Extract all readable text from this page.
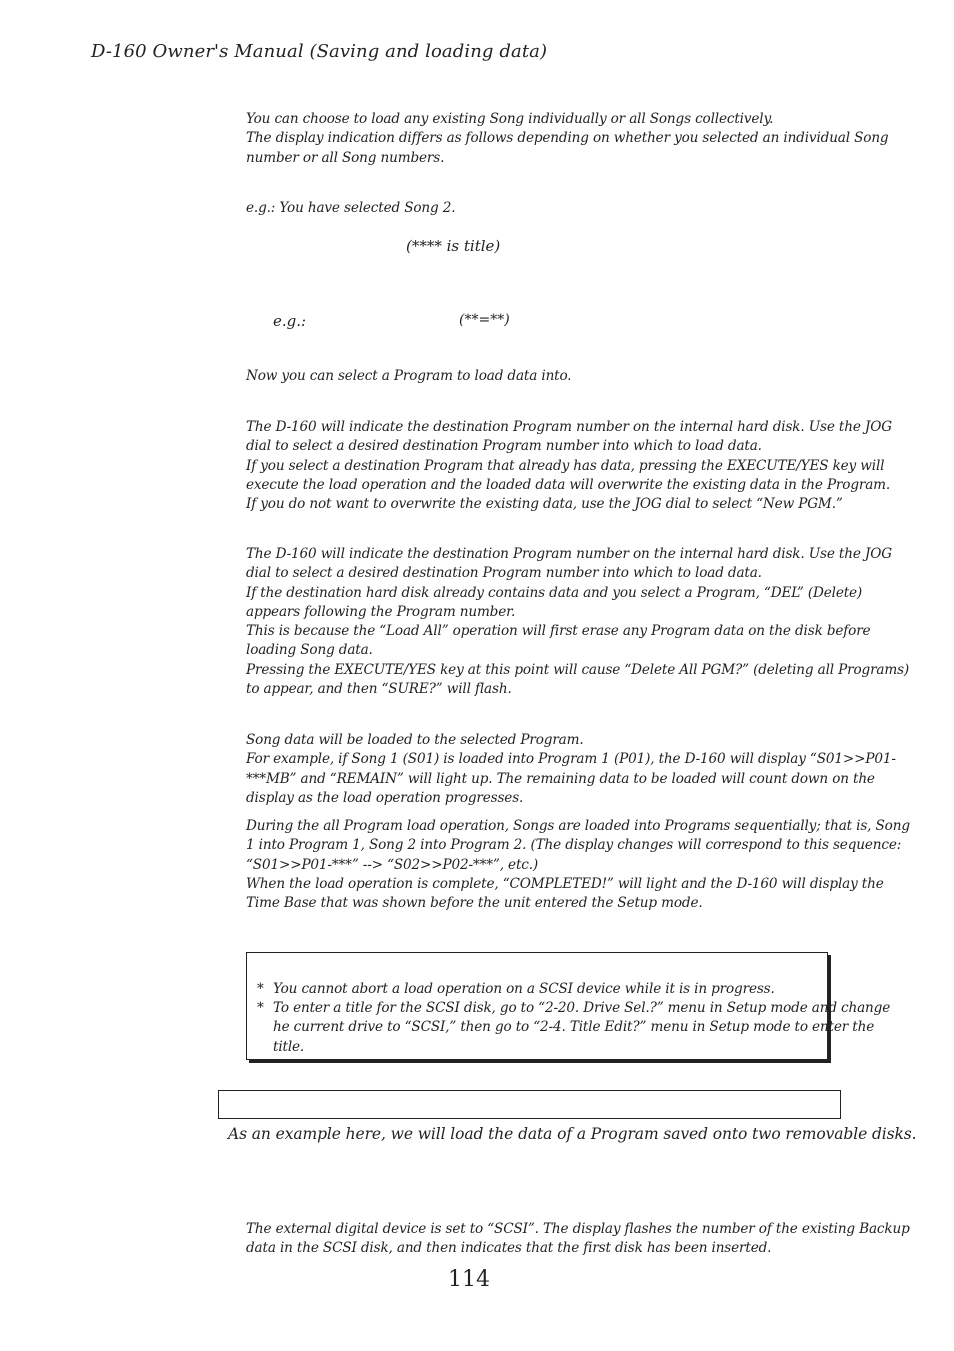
D-160 Owner's Manual (Saving and loading data)
You can choose to load any existing Song individually or all Songs collectively.
The display indication differs as follows depending on whether you selected an individual Song
number or all Song numbers.
e.g.: You have selected Song 2.
(**** is title)
e.g.:	(**=**)
Now you can select a Program to load data into.
The D-160 will indicate the destination Program number on the internal hard disk. Use the JOG
dial to select a desired destination Program number into which to load data.
If you select a destination Program that already has data, pressing the EXECUTE/YES key will
execute the load operation and the loaded data will overwrite the existing data in the Program.
If you do not want to overwrite the existing data, use the JOG dial to select “New PGM.”
The D-160 will indicate the destination Program number on the internal hard disk. Use the JOG
dial to select a desired destination Program number into which to load data.
If the destination hard disk already contains data and you select a Program, “DEL” (Delete)
appears following the Program number.
This is because the “Load All” operation will first erase any Program data on the disk before
loading Song data.
Pressing the EXECUTE/YES key at this point will cause “Delete All PGM?” (deleting all Programs)
to appear, and then “SURE?” will flash.
Song data will be loaded to the selected Program.
For example, if Song 1 (S01) is loaded into Program 1 (P01), the D-160 will display “S01>>P01-
***MB” and “REMAIN” will light up. The remaining data to be loaded will count down on the
display as the load operation progresses.
During the all Program load operation, Songs are loaded into Programs sequentially; that is, Song
1 into Program 1, Song 2 into Program 2. (The display changes will correspond to this sequence:
“S01>>P01-***” --> “S02>>P02-***”, etc.)
When the load operation is complete, “COMPLETED!” will light and the D-160 will display the
Time Base that was shown before the unit entered the Setup mode.
* You cannot abort a load operation on a SCSI device while it is in progress.
* To enter a title for the SCSI disk, go to “2-20. Drive Sel.?” menu in Setup mode and change
he current drive to “SCSI,” then go to “2-4. Title Edit?” menu in Setup mode to enter the
title.
As an example here, we will load the data of a Program saved onto two removable disks.
The external digital device is set to “SCSI”. The display flashes the number of the existing Backup
data in the SCSI disk, and then indicates that the first disk has been inserted.
114
